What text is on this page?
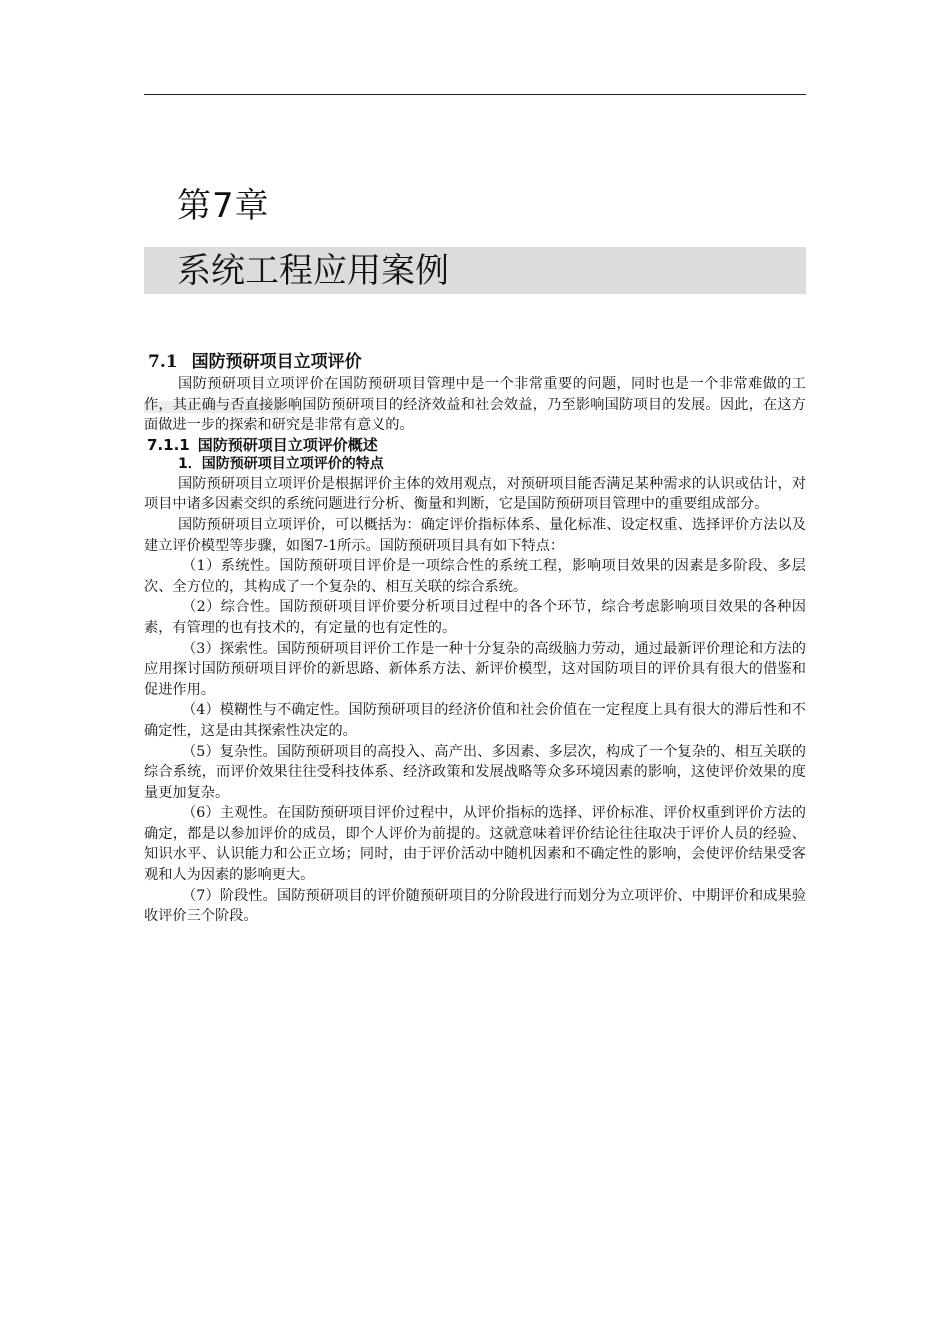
第7章
系统工程应用案例
7.1 国防预研项目立项评价

国防预研项目立项评价在国防预研项目管理中是一个非常重要的问题，同时也是一个非常难做的工作，其正确与否直接影响国防预研项目的经济效益和社会效益，乃至影响国防项目的发展。因此，在这方面做进一步的探索和研究是非常有意义的。

7.1.1 国防预研项目立项评价概述
1．国防预研项目立项评价的特点

国防预研项目立项评价是根据评价主体的效用观点，对预研项目能否满足某种需求的认识或估计，对项目中诸多因素交织的系统问题进行分析、衡量和判断，它是国防预研项目管理中的重要组成部分。

国防预研项目立项评价，可以概括为：确定评价指标体系、量化标准、设定权重、选择评价方法以及建立评价模型等步骤，如图7-1所示。国防预研项目具有如下特点：

（1）系统性。国防预研项目评价是一项综合性的系统工程，影响项目效果的因素是多阶段、多层次、全方位的，其构成了一个复杂的、相互关联的综合系统。

（2）综合性。国防预研项目评价要分析项目过程中的各个环节，综合考虑影响项目效果的各种因素，有管理的也有技术的，有定量的也有定性的。

（3）探索性。国防预研项目评价工作是一种十分复杂的高级脑力劳动，通过最新评价理论和方法的应用探讨国防预研项目评价的新思路、新体系方法、新评价模型，这对国防项目的评价具有很大的借鉴和促进作用。

（4）模糊性与不确定性。国防预研项目的经济价值和社会价值在一定程度上具有很大的滞后性和不确定性，这是由其探索性决定的。

（5）复杂性。国防预研项目的高投入、高产出、多因素、多层次，构成了一个复杂的、相互关联的综合系统，而评价效果往往受科技体系、经济政策和发展战略等众多环境因素的影响，这使评价效果的度量更加复杂。

（6）主观性。在国防预研项目评价过程中，从评价指标的选择、评价标准、评价权重到评价方法的确定，都是以参加评价的成员，即个人评价为前提的。这就意味着评价结论往往取决于评价人员的经验、知识水平、认识能力和公正立场；同时，由于评价活动中随机因素和不确定性的影响，会使评价结果受客观和人为因素的影响更大。

（7）阶段性。国防预研项目的评价随预研项目的分阶段进行而划分为立项评价、中期评价和成果验收评价三个阶段。
